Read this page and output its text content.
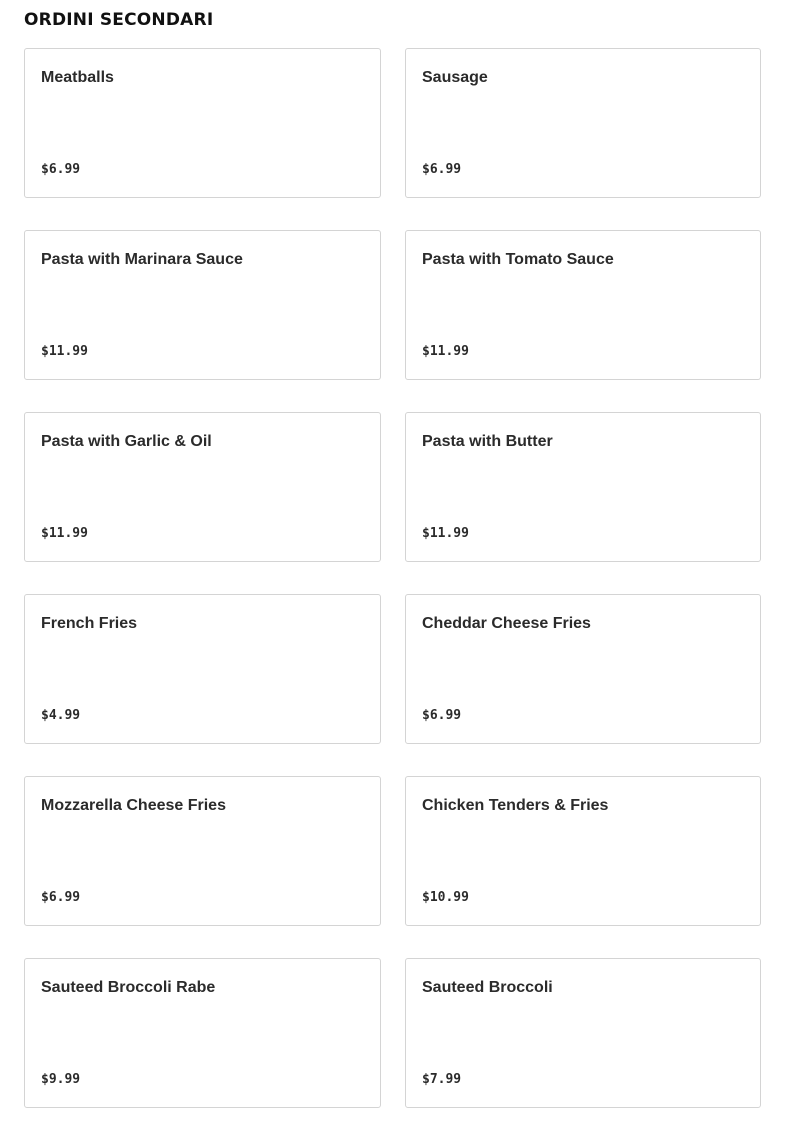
ORDINI SECONDARI
Meatballs
$6.99
Sausage
$6.99
Pasta with Marinara Sauce
$11.99
Pasta with Tomato Sauce
$11.99
Pasta with Garlic & Oil
$11.99
Pasta with Butter
$11.99
French Fries
$4.99
Cheddar Cheese Fries
$6.99
Mozzarella Cheese Fries
$6.99
Chicken Tenders & Fries
$10.99
Sauteed Broccoli Rabe
$9.99
Sauteed Broccoli
$7.99
